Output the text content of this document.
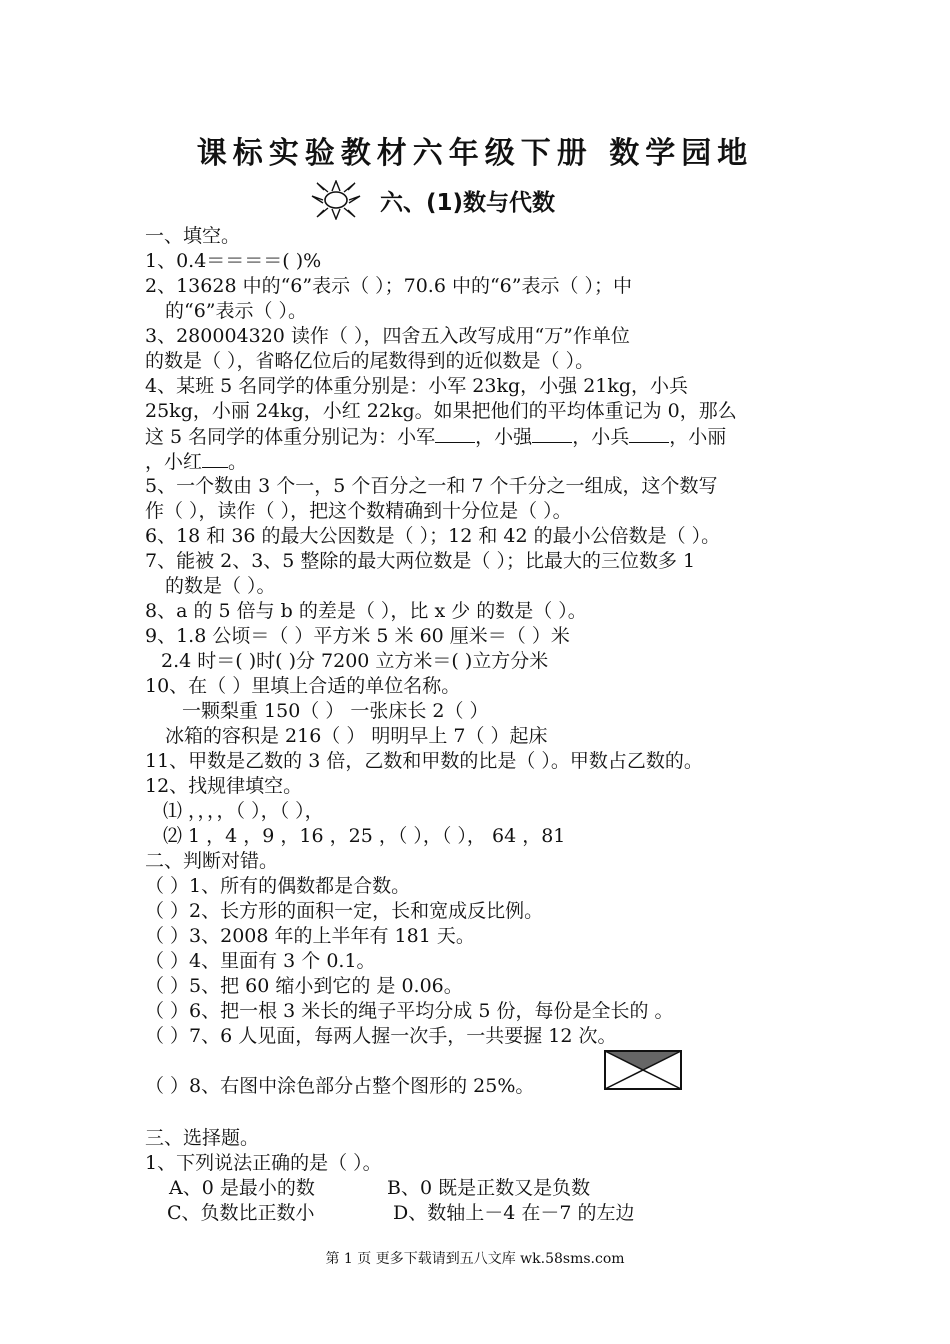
课标实验教材六年级下册 数学园地
六、(1)数与代数
一、填空。
1、0.4＝＝＝＝( )%
2、13628 中的“6”表示（ ）；70.6 中的“6”表示（ ）；中
的“6”表示（ ）。
3、280004320 读作（ ），四舍五入改写成用“万”作单位
的数是（ ），省略亿位后的尾数得到的近似数是（ ）。
4、某班 5 名同学的体重分别是：小军 23kg，小强 21kg，小兵
25kg，小丽 24kg，小红 22kg。如果把他们的平均体重记为 0，那么
这 5 名同学的体重分别记为：小军 ，小强 ，小兵 ，小丽
，小红 。
5、一个数由 3 个一，5 个百分之一和 7 个千分之一组成，这个数写
作（ ），读作（ ），把这个数精确到十分位是（ ）。
6、18 和 36 的最大公因数是（ ）；12 和 42 的最小公倍数是（ ）。
7、能被 2、3、5 整除的最大两位数是（ ）；比最大的三位数多 1
的数是（ ）。
8、a 的 5 倍与 b 的差是（ ），比 x 少 的数是（ ）。
9、1.8 公顷＝（ ）平方米 5 米 60 厘米＝（ ）米
2.4 时＝( )时( )分 7200 立方米＝( )立方分米
10、在（ ）里填上合适的单位名称。
一颗梨重 150（ ） 一张床长 2（ ）
冰箱的容积是 216（ ） 明明早上 7（ ）起床
11、甲数是乙数的 3 倍，乙数和甲数的比是（ ）。甲数占乙数的。
12、找规律填空。
⑴ ，，，，（ ），（ ），
⑵ 1 ，4 ，9 ，16 ，25 ，（ ），（ ）， 64 ，81
二、判断对错。
（ ）1、所有的偶数都是合数。
（ ）2、长方形的面积一定，长和宽成反比例。
（ ）3、2008 年的上半年有 181 天。
（ ）4、里面有 3 个 0.1。
（ ）5、把 60 缩小到它的 是 0.06。
（ ）6、把一根 3 米长的绳子平均分成 5 份，每份是全长的 。
（ ）7、6 人见面，每两人握一次手，一共要握 12 次。
（ ）8、右图中涂色部分占整个图形的 25%。
三、选择题。
1、下列说法正确的是（ ）。
A、0 是最小的数	B、0 既是正数又是负数
C、负数比正数小	D、数轴上－4 在－7 的左边
第 1 页 更多下载请到五八文库 wk.58sms.com
